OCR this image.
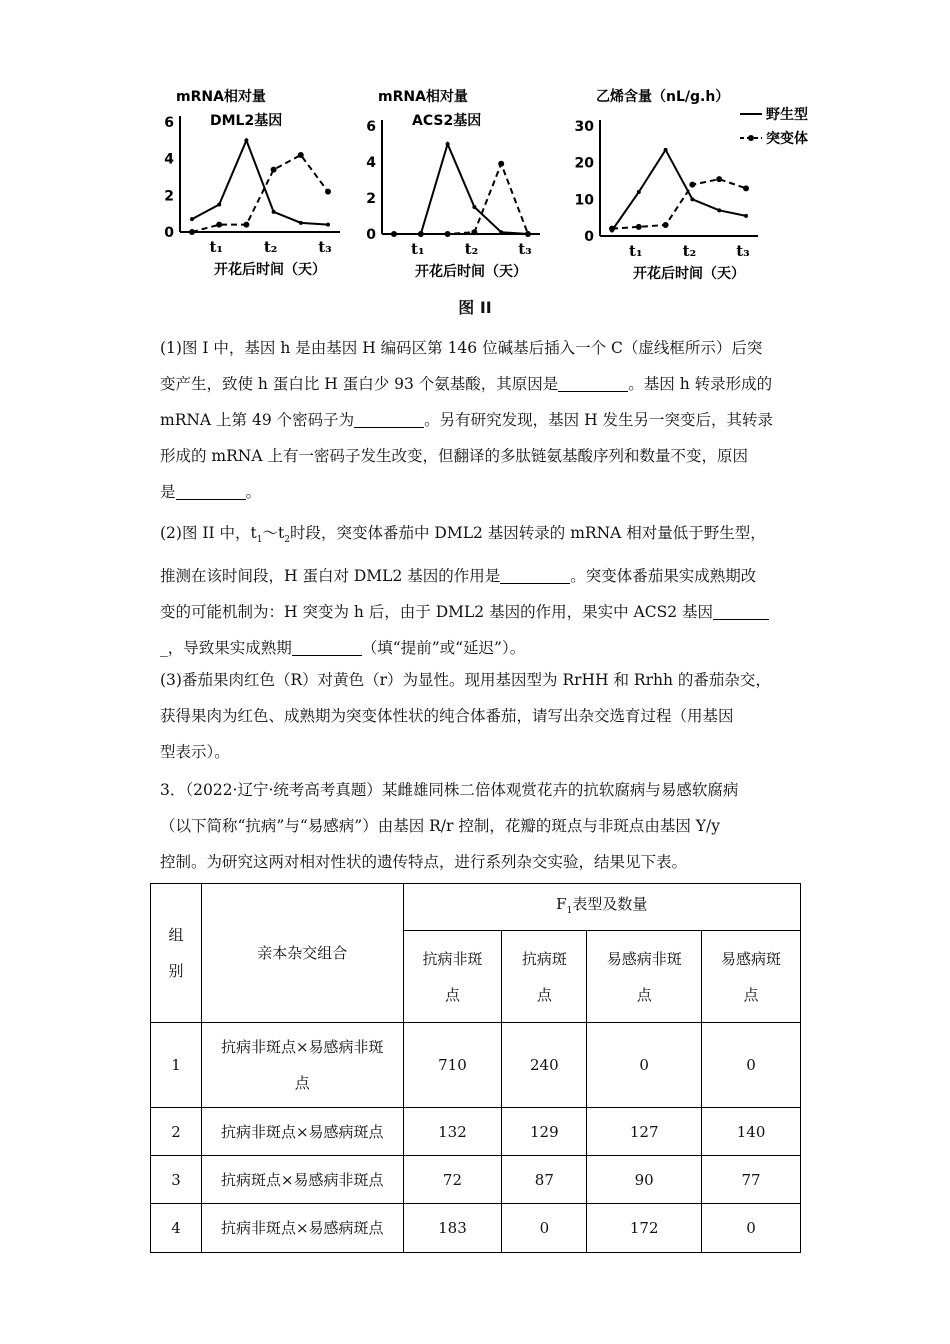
6
4
2
0
mRNA相对量
DML2基因
t₁	t₂	t₃
开花后时间（天）
6
4
2
0
mRNA相对量
ACS2基因
t₁	t₂	t₃
开花后时间（天）
30
20
10
0
乙烯含量（nL/g.h）
t₁	t₂	t₃
开花后时间（天）
野生型
突变体
图 II

(1)图 I 中，基因 h 是由基因 H 编码区第 146 位碱基后插入一个 C（虚线框所示）后突

变产生，致使 h 蛋白比 H 蛋白少 93 个氨基酸，其原因是	。基因 h 转录形成的

mRNA 上第 49 个密码子为	。另有研究发现，基因 H 发生另一突变后，其转录

形成的 mRNA 上有一密码子发生改变，但翻译的多肽链氨基酸序列和数量不变，原因

是	。

(2)图 II 中，$t_1\sim t_2$时段，突变体番茄中 DML2 基因转录的 mRNA 相对量低于野生型，

推测在该时间段，H 蛋白对 DML2 基因的作用是	。突变体番茄果实成熟期改

变的可能机制为：H 突变为 h 后，由于 DML2 基因的作用，果实中 ACS2 基因

_，导致果实成熟期	（填“提前”或“延迟”）。

(3)番茄果肉红色（R）对黄色（r）为显性。现用基因型为 RrHH 和 Rrhh 的番茄杂交，

获得果肉为红色、成熟期为突变体性状的纯合体番茄，请写出杂交选育过程（用基因

型表示）。

3．（2022·辽宁·统考高考真题）某雌雄同株二倍体观赏花卉的抗软腐病与易感软腐病

（以下简称“抗病”与“易感病”）由基因 R/r 控制，花瓣的斑点与非斑点由基因 Y/y

控制。为研究这两对相对性状的遗传特点，进行系列杂交实验，结果见下表。

组
别	亲本杂交组合	$F_1$表型及数量			
		抗病非斑
点	抗病斑
点	易感病非斑
点	易感病斑
点
1	抗病非斑点×易感病非斑
点	710	240	0	0
2	抗病非斑点×易感病斑点	132	129	127	140
3	抗病斑点×易感病非斑点	72	87	90	77
4	抗病非斑点×易感病斑点	183	0	172	0
